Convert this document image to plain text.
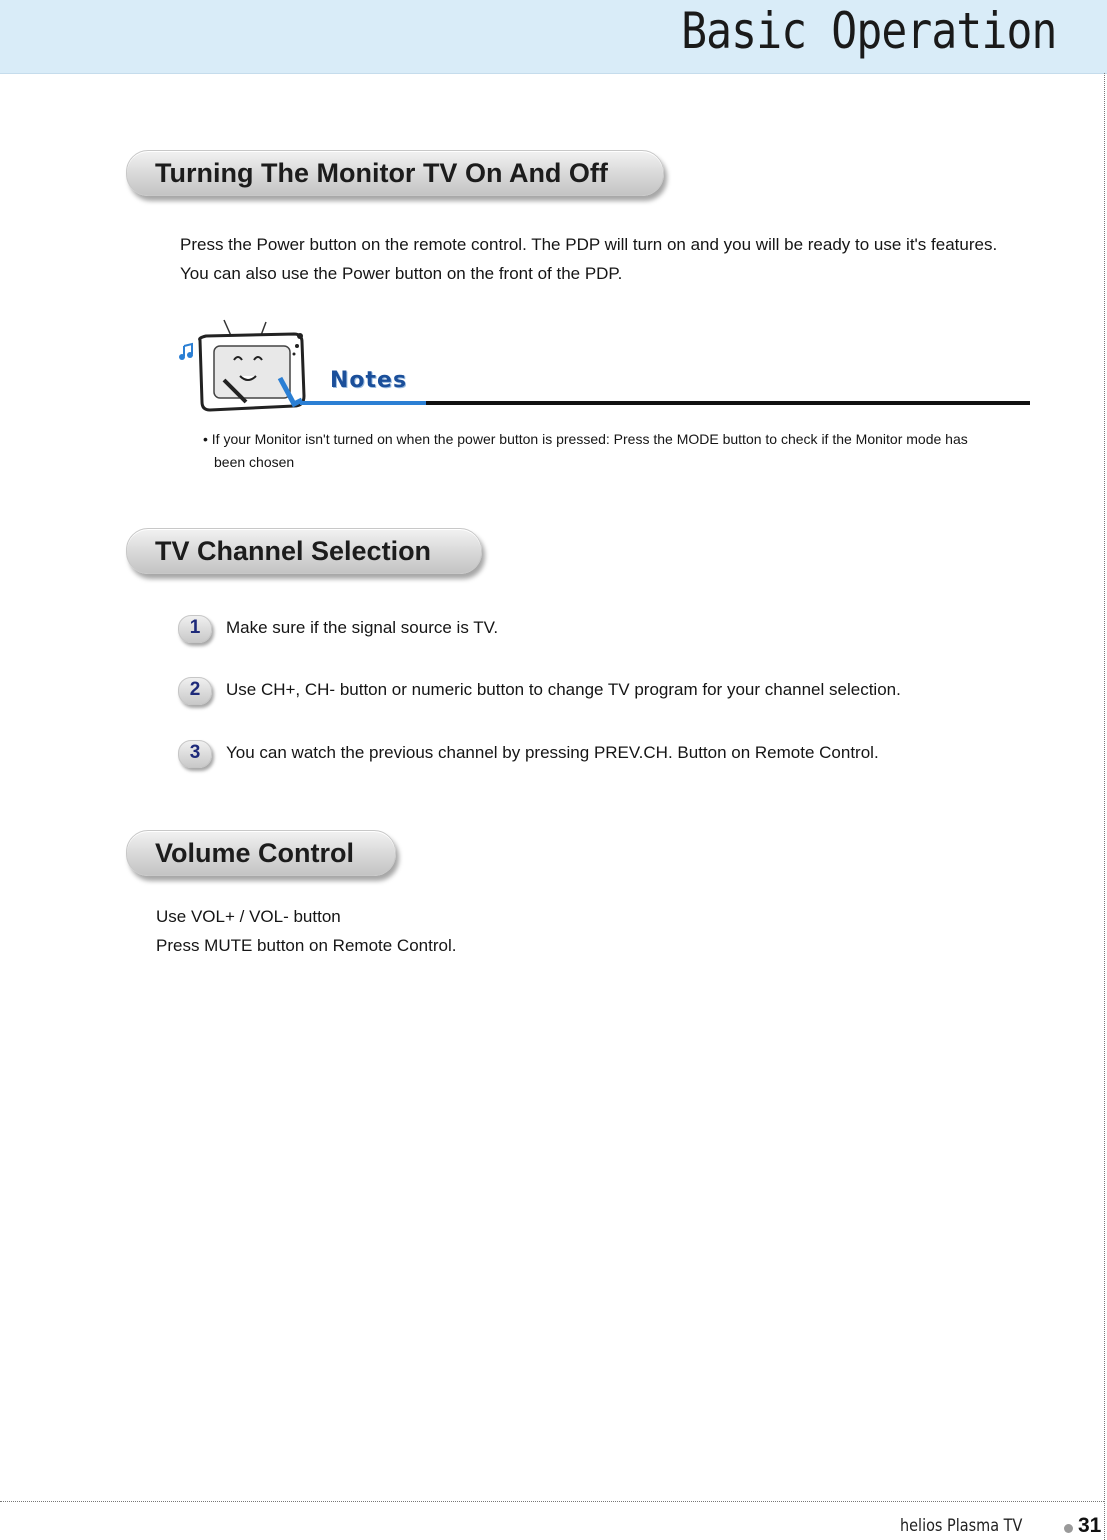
Basic Operation
Turning The Monitor TV On And Off
Press the Power button on the remote control. The PDP will turn on and you will be ready to use it's features.
You can also use the Power button on the front of the PDP.
Notes
• If your Monitor isn't turned on when the power button is pressed: Press the MODE button to check if the Monitor mode has
been chosen
TV Channel Selection
1	Make sure if the signal source is TV.
2	Use CH+, CH- button or numeric button to change TV program for your channel selection.
3	You can watch the previous channel by pressing PREV.CH. Button on Remote Control.
Volume Control
Use VOL+ / VOL- button
Press MUTE button on Remote Control.
helios Plasma TV	31
